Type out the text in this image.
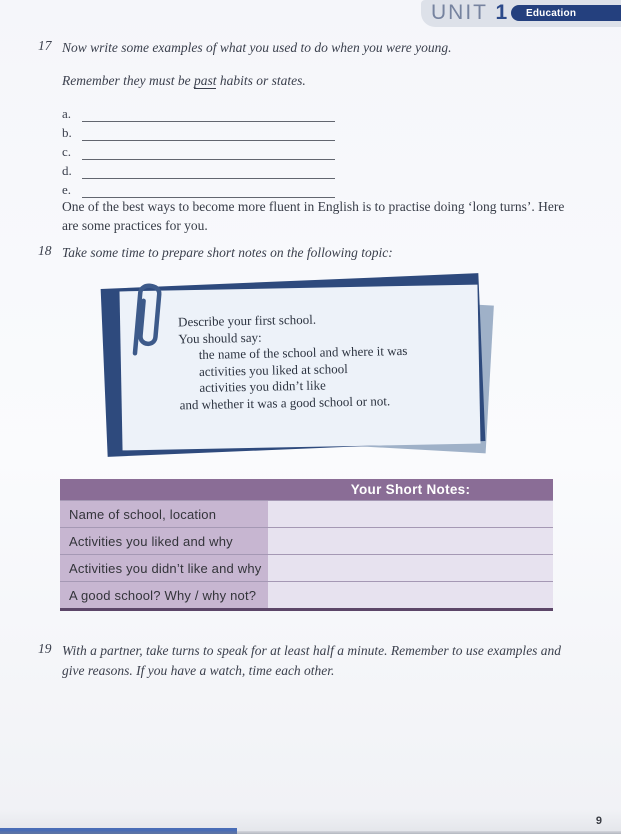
UNIT 1	Education
17 Now write some examples of what you used to do when you were young.
Remember they must be past habits or states.
a.
b.
c.
d.
e.
One of the best ways to become more fluent in English is to practise doing ‘long turns’. Here are some practices for you.
18 Take some time to prepare short notes on the following topic:
Describe your first school.
You should say:
the name of the school and where it was
activities you liked at school
activities you didn’t like
and whether it was a good school or not.
Your Short Notes:
Name of school, location
Activities you liked and why
Activities you didn’t like and why
A good school? Why / why not?
19 With a partner, take turns to speak for at least half a minute. Remember to use examples and give reasons. If you have a watch, time each other.
9
